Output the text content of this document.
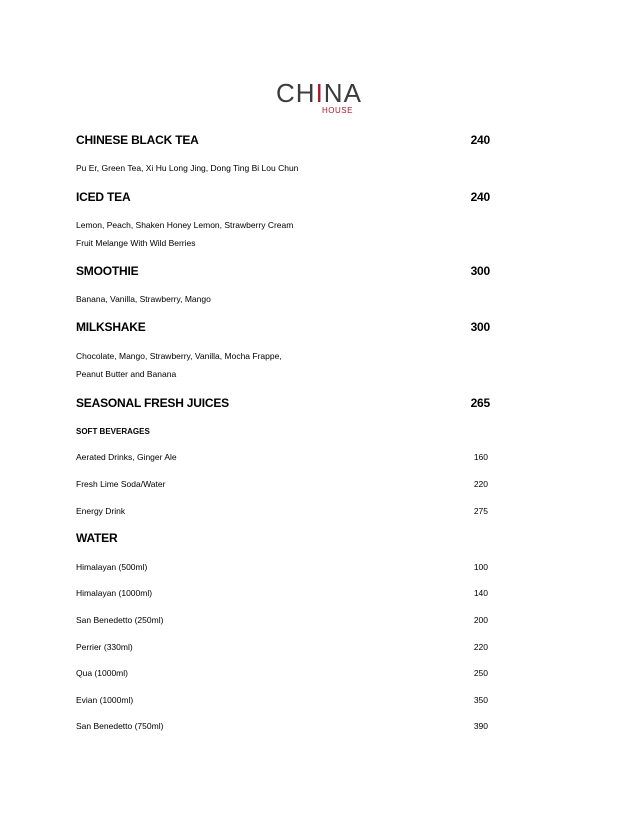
CHINA
HOUSE
CHINESE BLACK TEA	240
Pu Er, Green Tea, Xi Hu Long Jing, Dong Ting Bi Lou Chun
ICED TEA	240
Lemon, Peach, Shaken Honey Lemon, Strawberry Cream
Fruit Melange With Wild Berries
SMOOTHIE	300
Banana, Vanilla, Strawberry, Mango
MILKSHAKE	300
Chocolate, Mango, Strawberry, Vanilla, Mocha Frappe,
Peanut Butter and Banana
SEASONAL FRESH JUICES	265
SOFT BEVERAGES
Aerated Drinks, Ginger Ale	160
Fresh Lime Soda/Water	220
Energy Drink	275
WATER
Himalayan (500ml)	100
Himalayan (1000ml)	140
San Benedetto (250ml)	200
Perrier (330ml)	220
Qua (1000ml)	250
Evian (1000ml)	350
San Benedetto (750ml)	390
